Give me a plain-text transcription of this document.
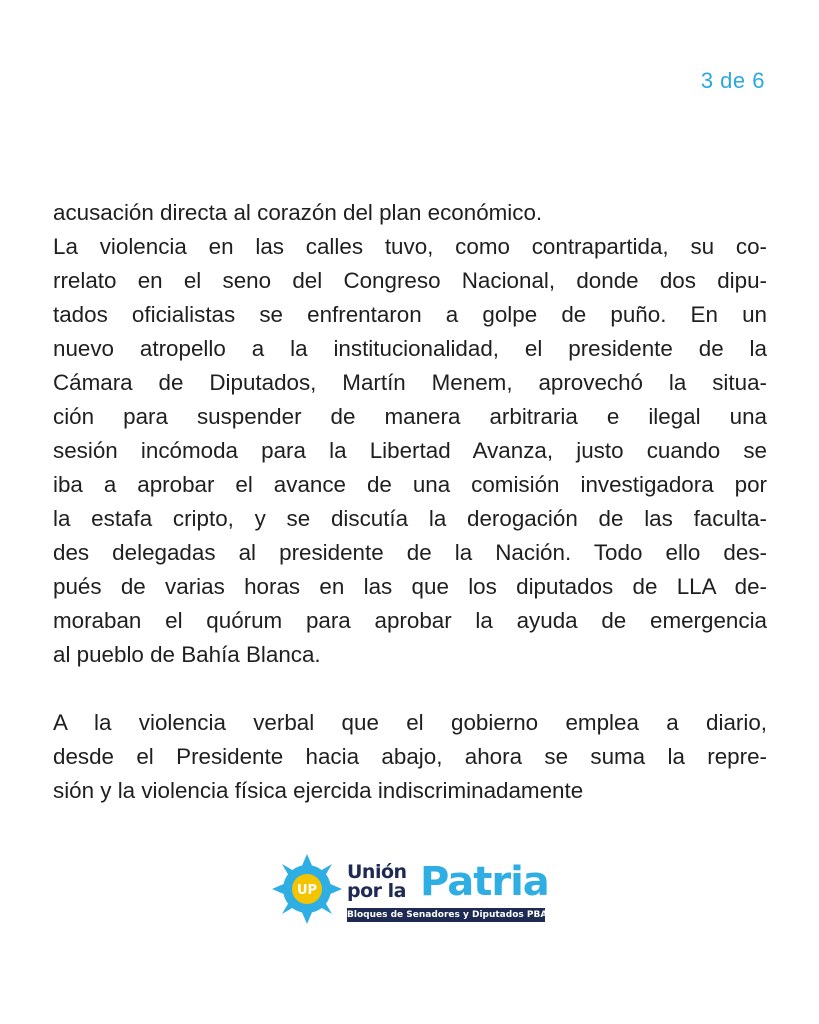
3 de 6
acusación directa al corazón del plan económico.
La violencia en las calles tuvo, como contrapartida, su co-
rrelato en el seno del Congreso Nacional, donde dos dipu-
tados oficialistas se enfrentaron a golpe de puño. En un
nuevo atropello a la institucionalidad, el presidente de la
Cámara de Diputados, Martín Menem, aprovechó la situa-
ción para suspender de manera arbitraria e ilegal una
sesión incómoda para la Libertad Avanza, justo cuando se
iba a aprobar el avance de una comisión investigadora por
la estafa cripto, y se discutía la derogación de las faculta-
des delegadas al presidente de la Nación. Todo ello des-
pués de varias horas en las que los diputados de LLA de-
moraban el quórum para aprobar la ayuda de emergencia
al pueblo de Bahía Blanca.
A la violencia verbal que el gobierno emplea a diario,
desde el Presidente hacia abajo, ahora se suma la repre-
sión y la violencia física ejercida indiscriminadamente
UP
Unión
por la Patria
Bloques de Senadores y Diputados PBA
